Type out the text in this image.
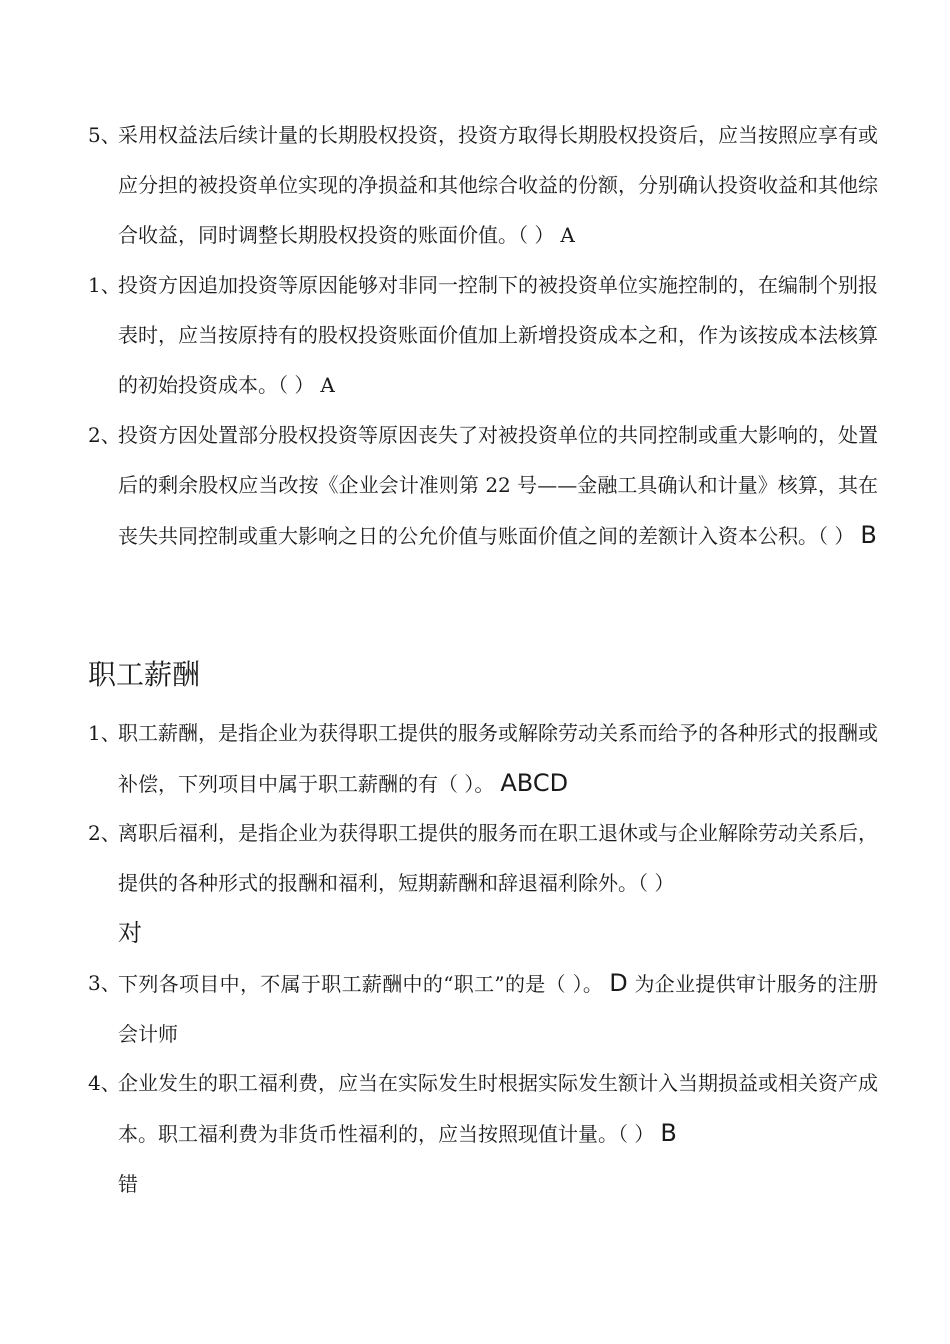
5、
采用权益法后续计量的长期股权投资，投资方取得长期股权投资后，应当按照应享有或应分担的被投资单位实现的净损益和其他综合收益的份额，分别确认投资收益和其他综合收益，同时调整长期股权投资的账面价值。（ ） A
1、
投资方因追加投资等原因能够对非同一控制下的被投资单位实施控制的，在编制个别报表时，应当按原持有的股权投资账面价值加上新增投资成本之和，作为该按成本法核算的初始投资成本。（ ） A
2、
投资方因处置部分股权投资等原因丧失了对被投资单位的共同控制或重大影响的，处置后的剩余股权应当改按《企业会计准则第 22 号——金融工具确认和计量》核算，其在丧失共同控制或重大影响之日的公允价值与账面价值之间的差额计入资本公积。（ ） B
职工薪酬
1、
职工薪酬，是指企业为获得职工提供的服务或解除劳动关系而给予的各种形式的报酬或补偿，下列项目中属于职工薪酬的有（ ）。 ABCD
2、
离职后福利，是指企业为获得职工提供的服务而在职工退休或与企业解除劳动关系后，提供的各种形式的报酬和福利，短期薪酬和辞退福利除外。（ ）
对
3、
下列各项目中，不属于职工薪酬中的“职工”的是（ ）。 D 为企业提供审计服务的注册会计师
4、
企业发生的职工福利费，应当在实际发生时根据实际发生额计入当期损益或相关资产成本。职工福利费为非货币性福利的，应当按照现值计量。（ ） B
错
